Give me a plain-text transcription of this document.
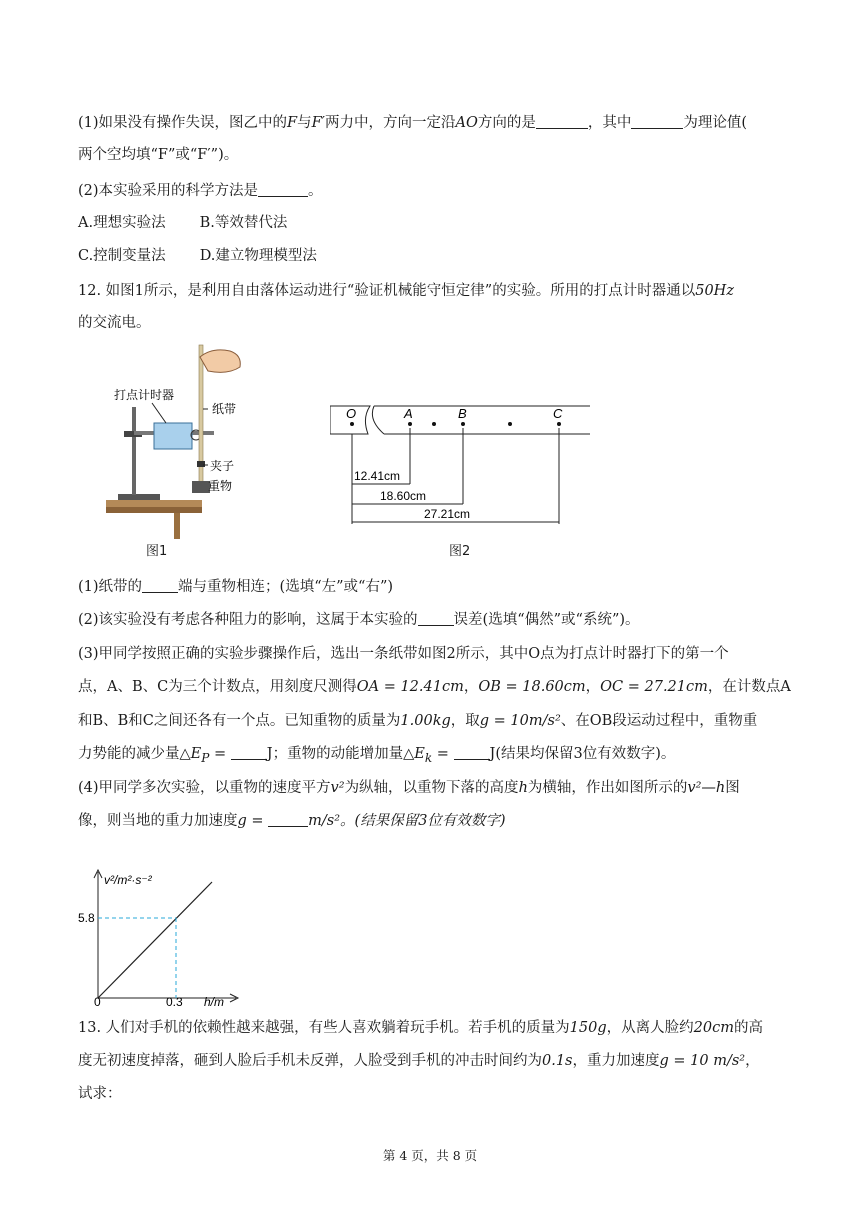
(1)如果没有操作失误，图乙中的F与F′两力中，方向一定沿AO方向的是	，其中	为理论值(
两个空均填“F”或“F′”)。
(2)本实验采用的科学方法是	。
A.理想实验法 B.等效替代法
C.控制变量法 D.建立物理模型法
12. 如图1所示，是利用自由落体运动进行“验证机械能守恒定律”的实验。所用的打点计时器通以50Hz
的交流电。
打点计时器
纸带
夹子
重物
图1
O	A	B	C
12.41cm
18.60cm
27.21cm
图2
(1)纸带的 端与重物相连；(选填“左”或“右”)
(2)该实验没有考虑各种阻力的影响，这属于本实验的 误差(选填“偶然”或“系统”)。
(3)甲同学按照正确的实验步骤操作后，选出一条纸带如图2所示，其中O点为打点计时器打下的第一个
点，A、B、C为三个计数点，用刻度尺测得OA = 12.41cm，OB = 18.60cm，OC = 27.21cm，在计数点A
和B、B和C之间还各有一个点。已知重物的质量为1.00kg，取g = 10m/s²、在OB段运动过程中，重物重
力势能的减少量$\triangle E_P = J$；重物的动能增加量$\triangle E_k = J$(结果均保留3位有效数字)。
(4)甲同学多次实验，以重物的速度平方v²为纵轴，以重物下落的高度h为横轴，作出如图所示的v²—h图
像，则当地的重力加速度g =	m/s²。(结果保留3位有效数字)
v²/m²·s⁻²
h/m
5.8
0.3
0
13. 人们对手机的依赖性越来越强，有些人喜欢躺着玩手机。若手机的质量为150g，从离人脸约20cm的高
度无初速度掉落，砸到人脸后手机未反弹，人脸受到手机的冲击时间约为0.1s，重力加速度g = 10 m/s²，
试求：
第 4 页，共 8 页
